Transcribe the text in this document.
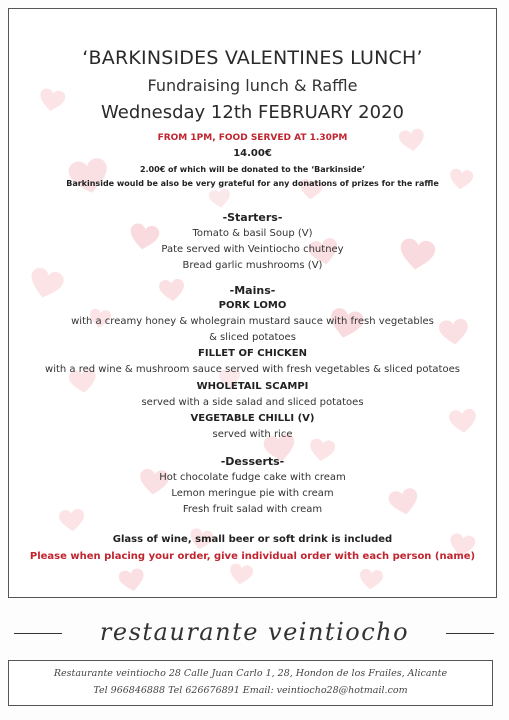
‘BARKINSIDES VALENTINES LUNCH’
Fundraising lunch & Raffle
Wednesday 12th FEBRUARY 2020
FROM 1PM, FOOD SERVED AT 1.30PM
14.00€
2.00€ of which will be donated to the ‘Barkinside’
Barkinside would be also be very grateful for any donations of prizes for the raffle
-Starters-
Tomato & basil Soup (V)
Pate served with Veintiocho chutney
Bread garlic mushrooms (V)
-Mains-
PORK LOMO
with a creamy honey & wholegrain mustard sauce with fresh vegetables
& sliced potatoes
FILLET OF CHICKEN
with a red wine & mushroom sauce served with fresh vegetables & sliced potatoes
WHOLETAIL SCAMPI
served with a side salad and sliced potatoes
VEGETABLE CHILLI (V)
served with rice
-Desserts-
Hot chocolate fudge cake with cream
Lemon meringue pie with cream
Fresh fruit salad with cream
Glass of wine, small beer or soft drink is included
Please when placing your order, give individual order with each person (name)
restaurante veintiocho
Restaurante veintiocho 28 Calle Juan Carlo 1, 28, Hondon de los Frailes, Alicante
Tel 966846888 Tel 626676891 Email: veintiocho28@hotmail.com
